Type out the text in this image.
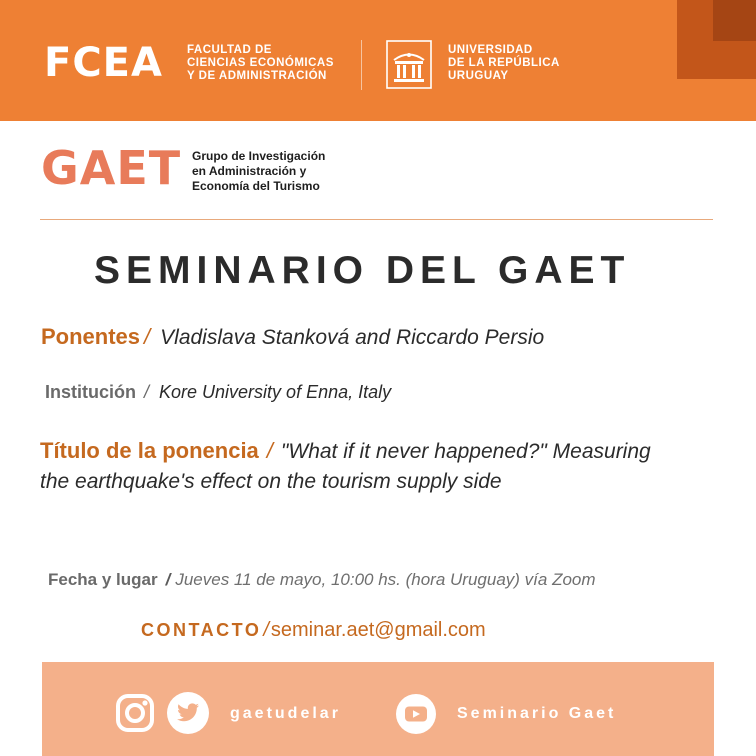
FCEA FACULTAD DE
CIENCIAS ECONÓMICAS
Y DE ADMINISTRACIÓN
UNIVERSIDAD
DE LA REPÚBLICA
URUGUAY
GAET Grupo de Investigación
en Administración y
Economía del Turismo
SEMINARIO DEL GAET
Ponentes / Vladislava Stanková and Riccardo Persio
Institución / Kore University of Enna, Italy
Título de la ponencia / "What if it never happened?" Measuring
the earthquake's effect on the tourism supply side
Fecha y lugar / Jueves 11 de mayo, 10:00 hs. (hora Uruguay) vía Zoom
CONTACTO / seminar.aet@gmail.com
gaetudelar	Seminario Gaet
